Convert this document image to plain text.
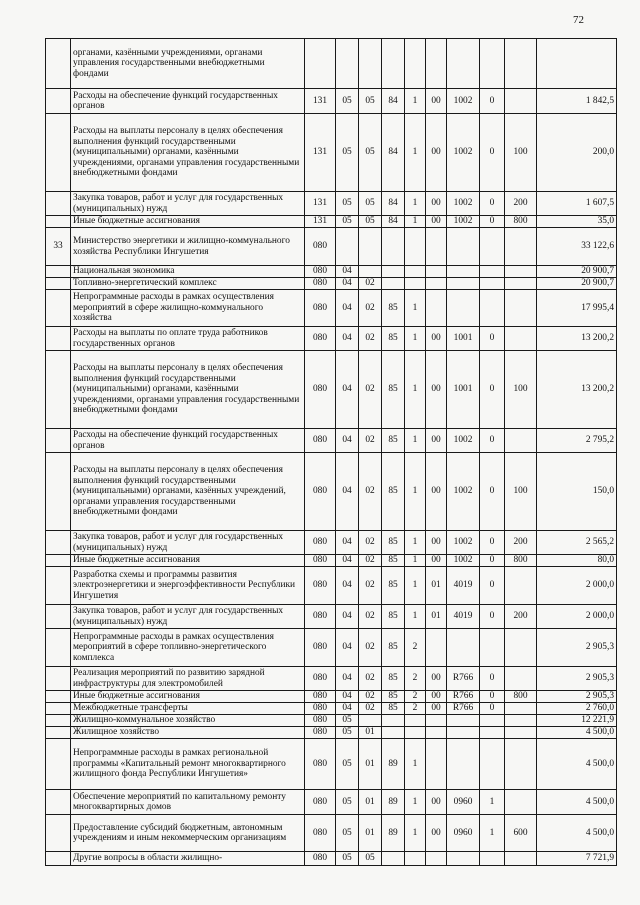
72
	органами, казёнными учреждениями, органами управления государственными внебюджетными фондами										
	Расходы на обеспечение функций государственных органов	131	05	05	84	1	00	1002	0		1 842,5
	Расходы на выплаты персоналу в целях обеспечения выполнения функций государственными (муниципальными) органами, казёнными учреждениями, органами управления государственными внебюджетными фондами	131	05	05	84	1	00	1002	0	100	200,0
	Закупка товаров, работ и услуг для государственных (муниципальных) нужд	131	05	05	84	1	00	1002	0	200	1 607,5
	Иные бюджетные ассигнования	131	05	05	84	1	00	1002	0	800	35,0
33	Министерство энергетики и жилищно-коммунального хозяйства Республики Ингушетия	080									33 122,6
	Национальная экономика	080	04								20 900,7
	Топливно-энергетический комплекс	080	04	02							20 900,7
	Непрограммные расходы в рамках осуществления мероприятий в сфере жилищно-коммунального хозяйства	080	04	02	85	1					17 995,4
	Расходы на выплаты по оплате труда работников государственных органов	080	04	02	85	1	00	1001	0		13 200,2
	Расходы на выплаты персоналу в целях обеспечения выполнения функций государственными (муниципальными) органами, казёнными учреждениями, органами управления государственными внебюджетными фондами	080	04	02	85	1	00	1001	0	100	13 200,2
	Расходы на обеспечение функций государственных органов	080	04	02	85	1	00	1002	0		2 795,2
	Расходы на выплаты персоналу в целях обеспечения выполнения функций государственными (муниципальными) органами, казённых учреждений, органами управления государственными внебюджетными фондами	080	04	02	85	1	00	1002	0	100	150,0
	Закупка товаров, работ и услуг для государственных (муниципальных) нужд	080	04	02	85	1	00	1002	0	200	2 565,2
	Иные бюджетные ассигнования	080	04	02	85	1	00	1002	0	800	80,0
	Разработка схемы и программы развития электроэнергетики и энергоэффективности Республики Ингушетия	080	04	02	85	1	01	4019	0		2 000,0
	Закупка товаров, работ и услуг для государственных (муниципальных) нужд	080	04	02	85	1	01	4019	0	200	2 000,0
	Непрограммные расходы в рамках осуществления мероприятий в сфере топливно-энергетического комплекса	080	04	02	85	2					2 905,3
	Реализация мероприятий по развитию зарядной инфраструктуры для электромобилей	080	04	02	85	2	00	R766	0		2 905,3
	Иные бюджетные ассигнования	080	04	02	85	2	00	R766	0	800	2 905,3
	Межбюджетные трансферты	080	04	02	85	2	00	R766	0		2 760,0
	Жилищно-коммунальное хозяйство	080	05								12 221,9
	Жилищное хозяйство	080	05	01							4 500,0
	Непрограммные расходы в рамках региональной программы «Капитальный ремонт многоквартирного жилищного фонда Республики Ингушетия»	080	05	01	89	1					4 500,0
	Обеспечение мероприятий по капитальному ремонту многоквартирных домов	080	05	01	89	1	00	0960	1		4 500,0
	Предоставление субсидий бюджетным, автономным учреждениям и иным некоммерческим организациям	080	05	01	89	1	00	0960	1	600	4 500,0
	Другие вопросы в области жилищно-	080	05	05							7 721,9
